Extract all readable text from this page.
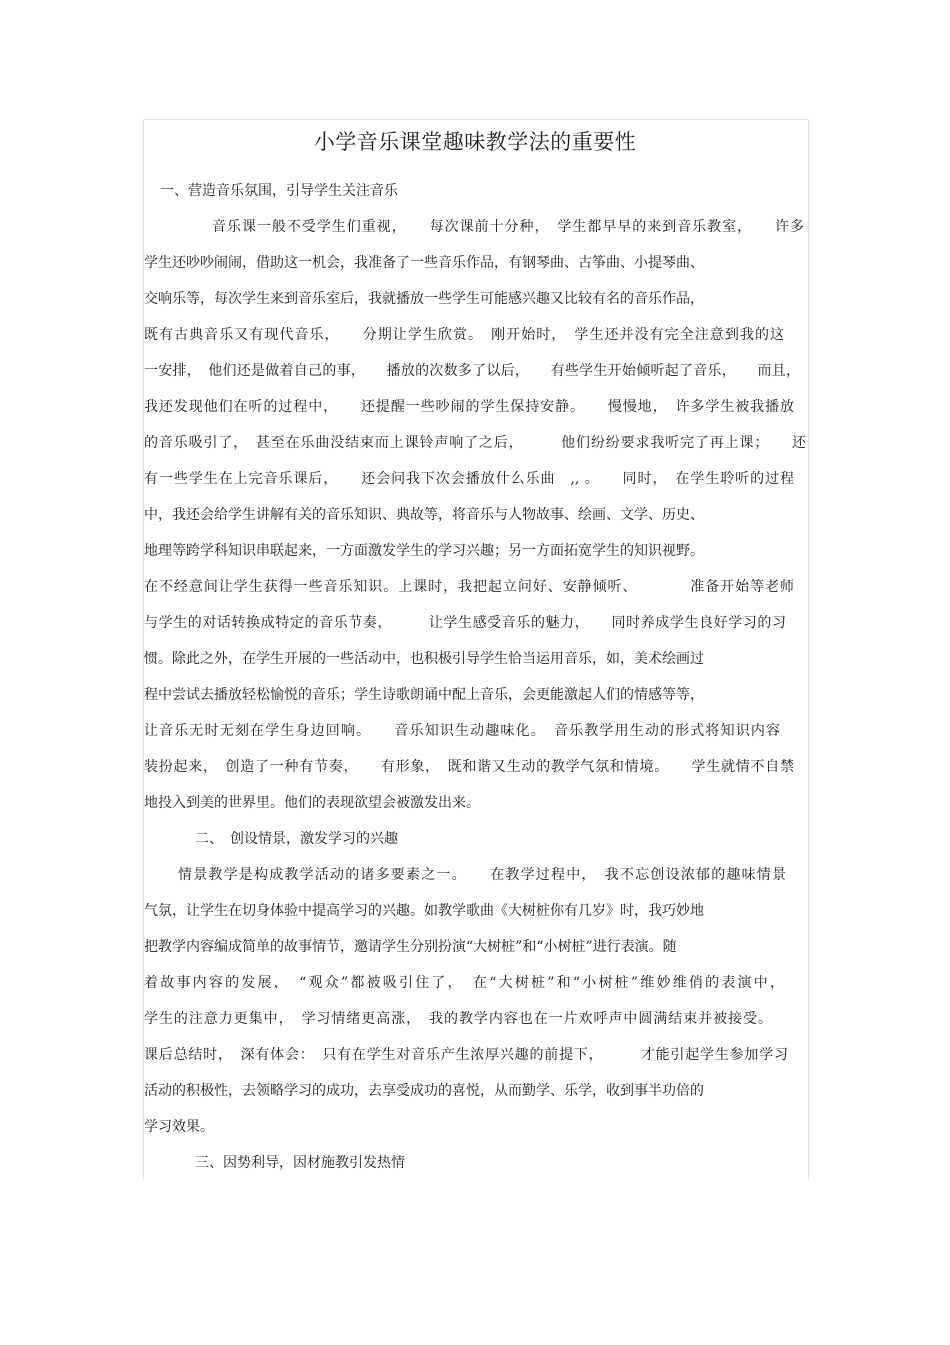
小学音乐课堂趣味教学法的重要性
一、营造音乐氛围，引导学生关注音乐
音乐课一般不受学生们重视，　　每次课前十分种，　学生都早早的来到音乐教室，　　许多
学生还吵吵闹闹，借助这一机会，我准备了一些音乐作品，有钢琴曲、古筝曲、小提琴曲、
交响乐等，每次学生来到音乐室后，我就播放一些学生可能感兴趣又比较有名的音乐作品，
既有古典音乐又有现代音乐，　　分期让学生欣赏。　刚开始时，　学生还并没有完全注意到我的这
一安排，　他们还是做着自己的事，　　播放的次数多了以后，　　有些学生开始倾听起了音乐，　　而且，
我还发现他们在听的过程中，　　还提醒一些吵闹的学生保持安静。　　慢慢地，　许多学生被我播放
的音乐吸引了，　甚至在乐曲没结束而上课铃声响了之后，　　　他们纷纷要求我听完了再上课；　　还
有一些学生在上完音乐课后，　　还会问我下次会播放什么乐曲　,, 。　　同时，　在学生聆听的过程
中，我还会给学生讲解有关的音乐知识、典故等，将音乐与人物故事、绘画、文学、历史、
地理等跨学科知识串联起来，一方面激发学生的学习兴趣；另一方面拓宽学生的知识视野。
在不经意间让学生获得一些音乐知识。上课时，我把起立问好、安静倾听、　　　　准备开始等老师
与学生的对话转换成特定的音乐节奏，　　　让学生感受音乐的魅力，　　同时养成学生良好学习的习
惯。除此之外，在学生开展的一些活动中，也积极引导学生恰当运用音乐，如，美术绘画过
程中尝试去播放轻松愉悦的音乐；学生诗歌朗诵中配上音乐，会更能激起人们的情感等等，
让音乐无时无刻在学生身边回响。　　音乐知识生动趣味化。　音乐教学用生动的形式将知识内容
装扮起来，　创造了一种有节奏，　　有形象，　既和谐又生动的教学气氛和情境。　　学生就情不自禁
地投入到美的世界里。他们的表现欲望会被激发出来。
二、　创设情景，激发学习的兴趣
情景教学是构成教学活动的诸多要素之一。　　在教学过程中，　我不忘创设浓郁的趣味情景
气氛，让学生在切身体验中提高学习的兴趣。如教学歌曲《大树桩你有几岁》时，我巧妙地
把教学内容编成简单的故事情节，邀请学生分别扮演“大树桩”和“小树桩”进行表演。随
着故事内容的发展，　“观众”都被吸引住了，　在“大树桩”和“小树桩”维妙维俏的表演中，
学生的注意力更集中，　学习情绪更高涨，　我的教学内容也在一片欢呼声中圆满结束并被接受。
课后总结时，　深有体会：　只有在学生对音乐产生浓厚兴趣的前提下，　　　才能引起学生参加学习
活动的积极性，去领略学习的成功，去享受成功的喜悦，从而勤学、乐学，收到事半功倍的
学习效果。
三、因势利导，因材施教引发热情
